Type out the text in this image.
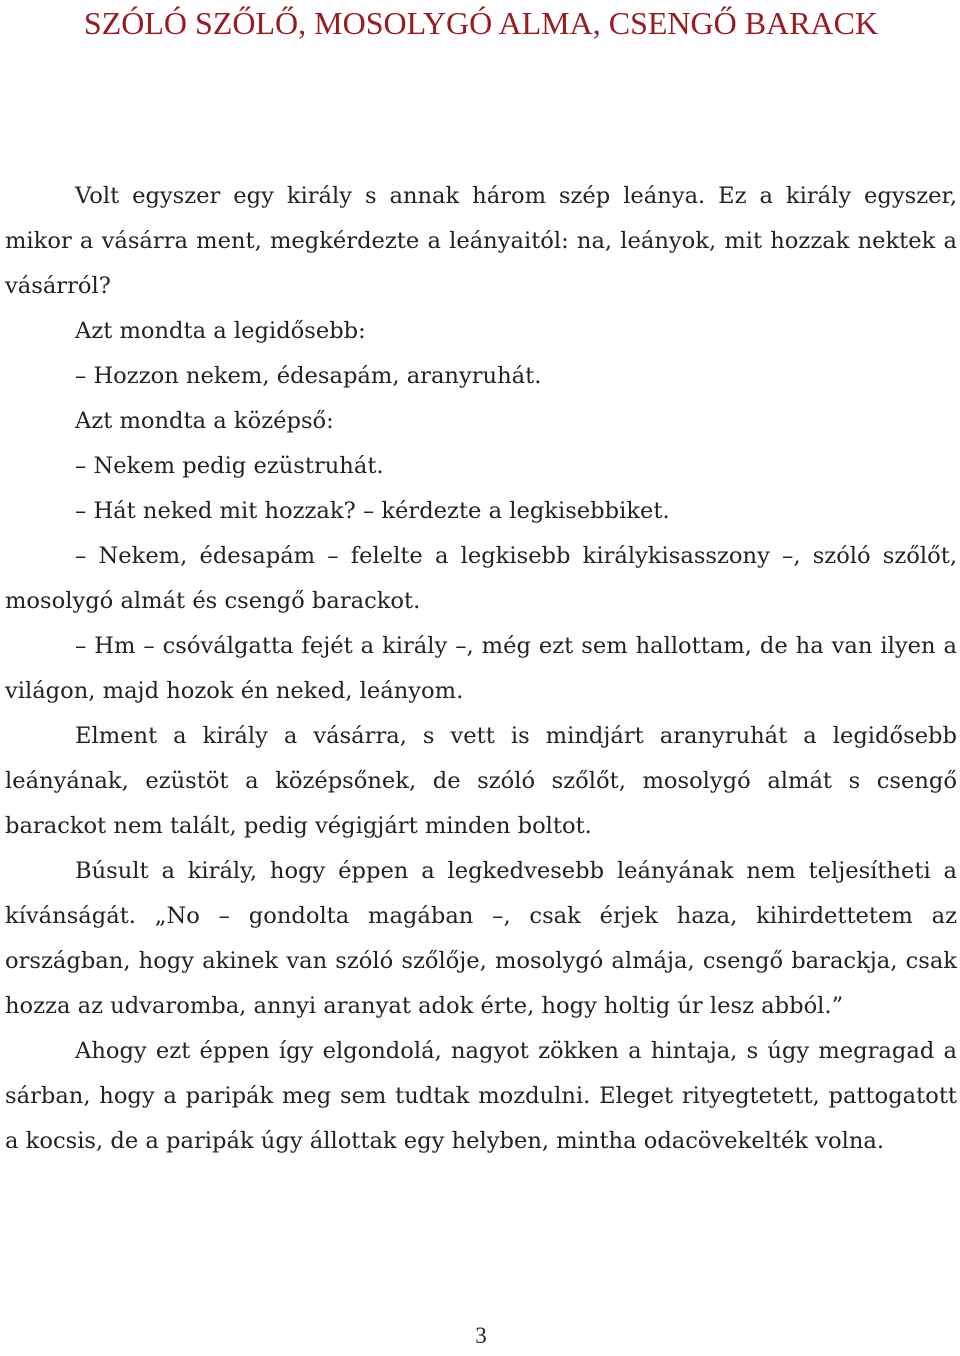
SZÓLÓ SZŐLŐ, MOSOLYGÓ ALMA, CSENGŐ BARACK

Volt egyszer egy király s annak három szép leánya. Ez a király egyszer, mikor a vásárra ment, megkérdezte a leányaitól: na, leányok, mit hozzak nektek a vásárról?

Azt mondta a legidősebb:

– Hozzon nekem, édesapám, aranyruhát.

Azt mondta a középső:

– Nekem pedig ezüstruhát.

– Hát neked mit hozzak? – kérdezte a legkisebbiket.

– Nekem, édesapám – felelte a legkisebb királykisasszony –, szóló szőlőt, mosolygó almát és csengő barackot.

– Hm – csóválgatta fejét a király –, még ezt sem hallottam, de ha van ilyen a világon, majd hozok én neked, leányom.

Elment a király a vásárra, s vett is mindjárt aranyruhát a legidősebb leányának, ezüstöt a középsőnek, de szóló szőlőt, mosolygó almát s csengő barackot nem talált, pedig végigjárt minden boltot.

Búsult a király, hogy éppen a legkedvesebb leányának nem teljesítheti a kívánságát. „No – gondolta magában –, csak érjek haza, kihirdettetem az országban, hogy akinek van szóló szőlője, mosolygó almája, csengő barackja, csak hozza az udvaromba, annyi aranyat adok érte, hogy holtig úr lesz abból.”

Ahogy ezt éppen így elgondolá, nagyot zökken a hintaja, s úgy megragad a sárban, hogy a paripák meg sem tudtak mozdulni. Eleget rityegtetett, pattogatott a kocsis, de a paripák úgy állottak egy helyben, mintha odacövekelték volna.

3
